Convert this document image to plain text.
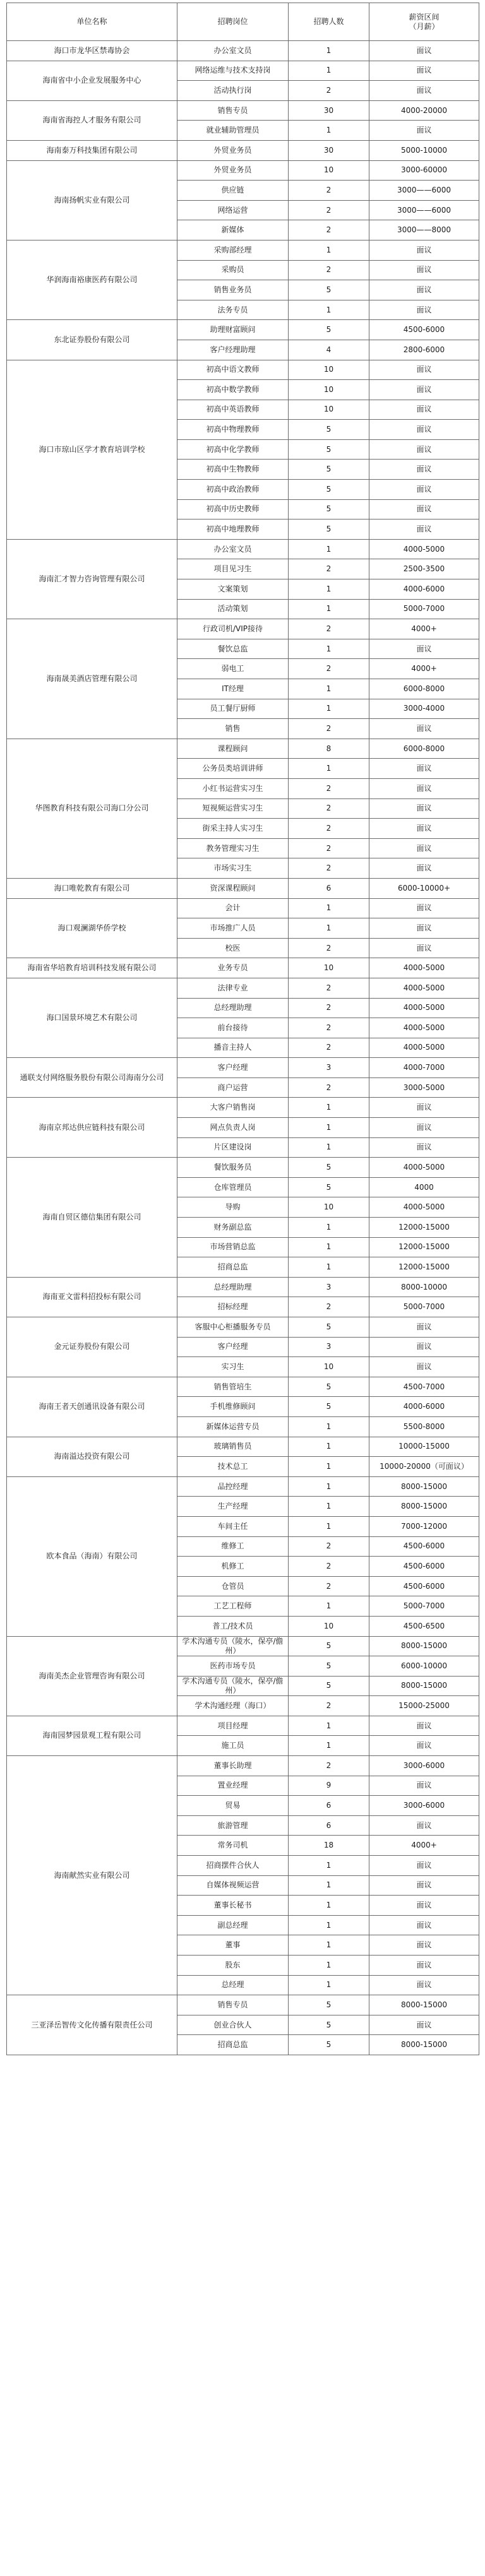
单位名称	招聘岗位	招聘人数	薪资区间
（月薪）
海口市龙华区禁毒协会	办公室文员	1	面议
海南省中小企业发展服务中心	网络运维与技术支持岗	1	面议
	活动执行岗	2	面议
海南省海控人才服务有限公司	销售专员	30	4000-20000
	就业辅助管理员	1	面议
海南泰万科技集团有限公司	外贸业务员	30	5000-10000
海南扬帆实业有限公司	外贸业务员	10	3000-60000
	供应链	2	3000——6000
	网络运营	2	3000——6000
	新媒体	2	3000——8000
华润海南裕康医药有限公司	采购部经理	1	面议
	采购员	2	面议
	销售业务员	5	面议
	法务专员	1	面议
东北证券股份有限公司	助理财富顾问	5	4500-6000
	客户经理助理	4	2800-6000
海口市琼山区学才教育培训学校	初高中语文教师	10	面议
	初高中数学教师	10	面议
	初高中英语教师	10	面议
	初高中物理教师	5	面议
	初高中化学教师	5	面议
	初高中生物教师	5	面议
	初高中政治教师	5	面议
	初高中历史教师	5	面议
	初高中地理教师	5	面议
海南汇才智力咨询管理有限公司	办公室文员	1	4000-5000
	项目见习生	2	2500-3500
	文案策划	1	4000-6000
	活动策划	1	5000-7000
海南晟美酒店管理有限公司	行政司机/VIP接待	2	4000+
	餐饮总监	1	面议
	弱电工	2	4000+
	IT经理	1	6000-8000
	员工餐厅厨师	1	3000-4000
	销售	2	面议
华图教育科技有限公司海口分公司	课程顾问	8	6000-8000
	公务员类培训讲师	1	面议
	小红书运营实习生	2	面议
	短视频运营实习生	2	面议
	街采主持人实习生	2	面议
	教务管理实习生	2	面议
	市场实习生	2	面议
海口唯乾教育有限公司	资深课程顾问	6	6000-10000+
海口观澜湖华侨学校	会计	1	面议
	市场推广人员	1	面议
	校医	2	面议
海南省华培教育培训科技发展有限公司	业务专员	10	4000-5000
海口国景环境艺术有限公司	法律专业	2	4000-5000
	总经理助理	2	4000-5000
	前台接待	2	4000-5000
	播音主持人	2	4000-5000
通联支付网络服务股份有限公司海南分公司	客户经理	3	4000-7000
	商户运营	2	3000-5000
海南京邦达供应链科技有限公司	大客户销售岗	1	面议
	网点负责人岗	1	面议
	片区建设岗	1	面议
海南自贸区德信集团有限公司	餐饮服务员	5	4000-5000
	仓库管理员	5	4000
	导购	10	4000-5000
	财务副总监	1	12000-15000
	市场营销总监	1	12000-15000
	招商总监	1	12000-15000
海南亚文雷科招投标有限公司	总经理助理	3	8000-10000
	招标经理	2	5000-7000
金元证券股份有限公司	客服中心柜播服务专员	5	面议
	客户经理	3	面议
	实习生	10	面议
海南王者天创通讯设备有限公司	销售管培生	5	4500-7000
	手机维修顾问	5	4000-6000
	新媒体运营专员	1	5500-8000
海南溢达投资有限公司	玻璃销售员	1	10000-15000
	技术总工	1	10000-20000（可面议）
欧本食品（海南）有限公司	品控经理	1	8000-15000
	生产经理	1	8000-15000
	车间主任	1	7000-12000
	维修工	2	4500-6000
	机修工	2	4500-6000
	仓管员	2	4500-6000
	工艺工程师	1	5000-7000
	普工/技术员	10	4500-6500
海南美杰企业管理咨询有限公司	学术沟通专员（陵水，保亭/儋州）	5	8000-15000
	医药市场专员	5	6000-10000
	学术沟通专员（陵水，保亭/儋州）	5	8000-15000
	学术沟通经理（海口）	2	15000-25000
海南园梦园景观工程有限公司	项目经理	1	面议
	施工员	1	面议
海南献然实业有限公司	董事长助理	2	3000-6000
	置业经理	9	面议
	贸易	6	3000-6000
	旅游管理	6	面议
	常务司机	18	4000+
	招商摆件合伙人	1	面议
	自媒体视频运营	1	面议
	董事长秘书	1	面议
	副总经理	1	面议
	董事	1	面议
	股东	1	面议
	总经理	1	面议
三亚泽岳智传文化传播有限责任公司	销售专员	5	8000-15000
	创业合伙人	5	面议
	招商总监	5	8000-15000
